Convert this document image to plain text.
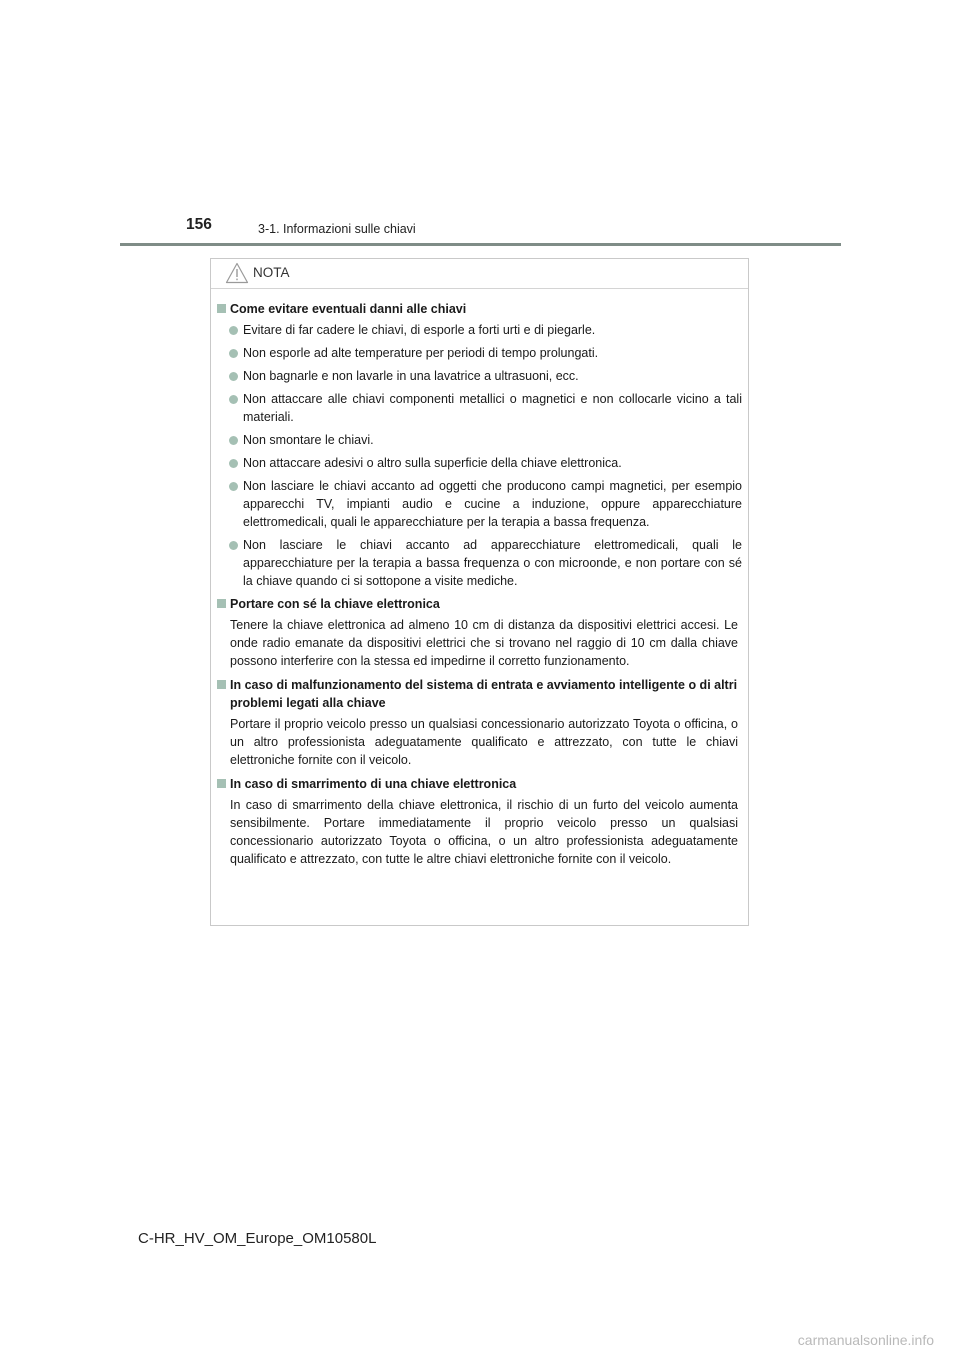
156	3-1. Informazioni sulle chiavi
NOTA
Come evitare eventuali danni alle chiavi
Evitare di far cadere le chiavi, di esporle a forti urti e di piegarle.
Non esporle ad alte temperature per periodi di tempo prolungati.
Non bagnarle e non lavarle in una lavatrice a ultrasuoni, ecc.
Non attaccare alle chiavi componenti metallici o magnetici e non collocarle vicino a tali materiali.
Non smontare le chiavi.
Non attaccare adesivi o altro sulla superficie della chiave elettronica.
Non lasciare le chiavi accanto ad oggetti che producono campi magnetici, per esempio apparecchi TV, impianti audio e cucine a induzione, oppure apparecchiature elettromedicali, quali le apparecchiature per la terapia a bassa frequenza.
Non lasciare le chiavi accanto ad apparecchiature elettromedicali, quali le apparecchiature per la terapia a bassa frequenza o con microonde, e non portare con sé la chiave quando ci si sottopone a visite mediche.
Portare con sé la chiave elettronica
Tenere la chiave elettronica ad almeno 10 cm di distanza da dispositivi elettrici accesi. Le onde radio emanate da dispositivi elettrici che si trovano nel raggio di 10 cm dalla chiave possono interferire con la stessa ed impedirne il corretto funzionamento.
In caso di malfunzionamento del sistema di entrata e avviamento intelligente o di altri problemi legati alla chiave
Portare il proprio veicolo presso un qualsiasi concessionario autorizzato Toyota o officina, o un altro professionista adeguatamente qualificato e attrezzato, con tutte le chiavi elettroniche fornite con il veicolo.
In caso di smarrimento di una chiave elettronica
In caso di smarrimento della chiave elettronica, il rischio di un furto del veicolo aumenta sensibilmente. Portare immediatamente il proprio veicolo presso un qualsiasi concessionario autorizzato Toyota o officina, o un altro professionista adeguatamente qualificato e attrezzato, con tutte le altre chiavi elettroniche fornite con il veicolo.
C-HR_HV_OM_Europe_OM10580L
carmanualsonline.info
